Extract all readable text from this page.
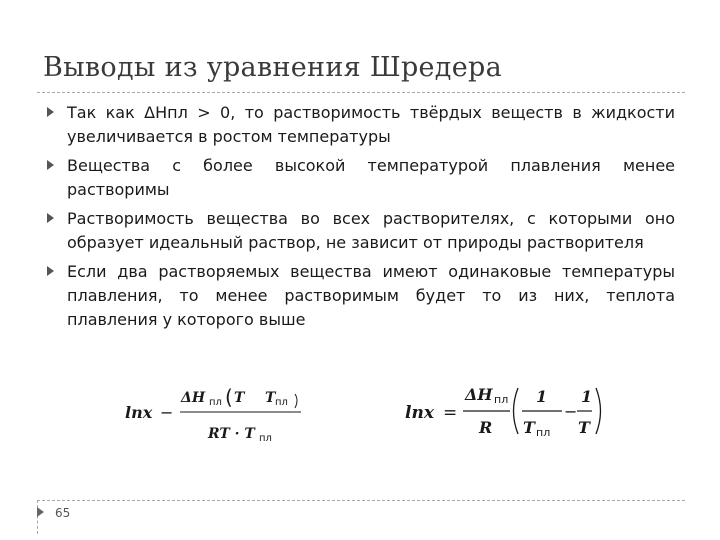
Выводы из уравнения Шредера
Так как ΔHпл > 0, то растворимость твёрдых веществ в жидкости увеличивается в ростом температуры
Вещества с более высокой температурой плавления менее растворимы
Растворимость вещества во всех растворителях, с которыми оно образует идеальный раствор, не зависит от природы растворителя
Если два растворяемых вещества имеют одинаковые температуры плавления, то менее растворимым будет то из них, теплота плавления у которого выше
lnx −
ΔH пл ( T T пл
RT · T пл
lnx =
ΔH пл
R
1
T пл
−
1
T
65
